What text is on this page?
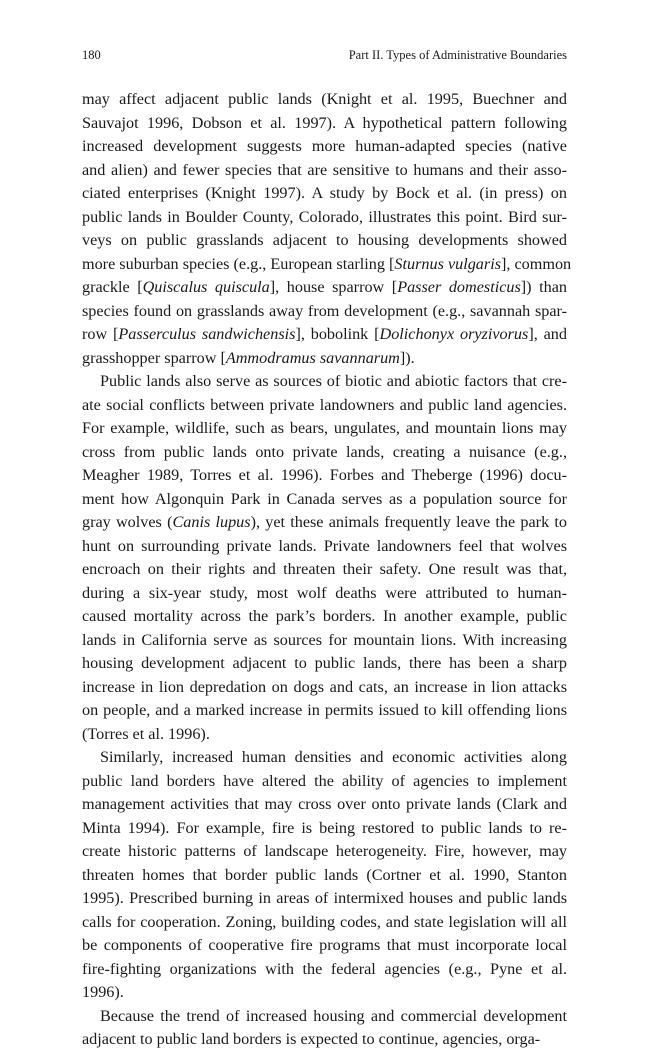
180	Part II. Types of Administrative Boundaries
may affect adjacent public lands (Knight et al. 1995, Buechner and
Sauvajot 1996, Dobson et al. 1997). A hypothetical pattern following
increased development suggests more human-adapted species (native
and alien) and fewer species that are sensitive to humans and their asso-
ciated enterprises (Knight 1997). A study by Bock et al. (in press) on
public lands in Boulder County, Colorado, illustrates this point. Bird sur-
veys on public grasslands adjacent to housing developments showed
more suburban species (e.g., European starling [Sturnus vulgaris], common
grackle [Quiscalus quiscula], house sparrow [Passer domesticus]) than
species found on grasslands away from development (e.g., savannah spar-
row [Passerculus sandwichensis], bobolink [Dolichonyx oryzivorus], and
grasshopper sparrow [Ammodramus savannarum]).
Public lands also serve as sources of biotic and abiotic factors that cre-
ate social conflicts between private landowners and public land agencies.
For example, wildlife, such as bears, ungulates, and mountain lions may
cross from public lands onto private lands, creating a nuisance (e.g.,
Meagher 1989, Torres et al. 1996). Forbes and Theberge (1996) docu-
ment how Algonquin Park in Canada serves as a population source for
gray wolves (Canis lupus), yet these animals frequently leave the park to
hunt on surrounding private lands. Private landowners feel that wolves
encroach on their rights and threaten their safety. One result was that,
during a six-year study, most wolf deaths were attributed to human-
caused mortality across the park’s borders. In another example, public
lands in California serve as sources for mountain lions. With increasing
housing development adjacent to public lands, there has been a sharp
increase in lion depredation on dogs and cats, an increase in lion attacks
on people, and a marked increase in permits issued to kill offending lions
(Torres et al. 1996).
Similarly, increased human densities and economic activities along
public land borders have altered the ability of agencies to implement
management activities that may cross over onto private lands (Clark and
Minta 1994). For example, fire is being restored to public lands to re-
create historic patterns of landscape heterogeneity. Fire, however, may
threaten homes that border public lands (Cortner et al. 1990, Stanton
1995). Prescribed burning in areas of intermixed houses and public lands
calls for cooperation. Zoning, building codes, and state legislation will all
be components of cooperative fire programs that must incorporate local
fire-fighting organizations with the federal agencies (e.g., Pyne et al.
1996).
Because the trend of increased housing and commercial development
adjacent to public land borders is expected to continue, agencies, orga-
